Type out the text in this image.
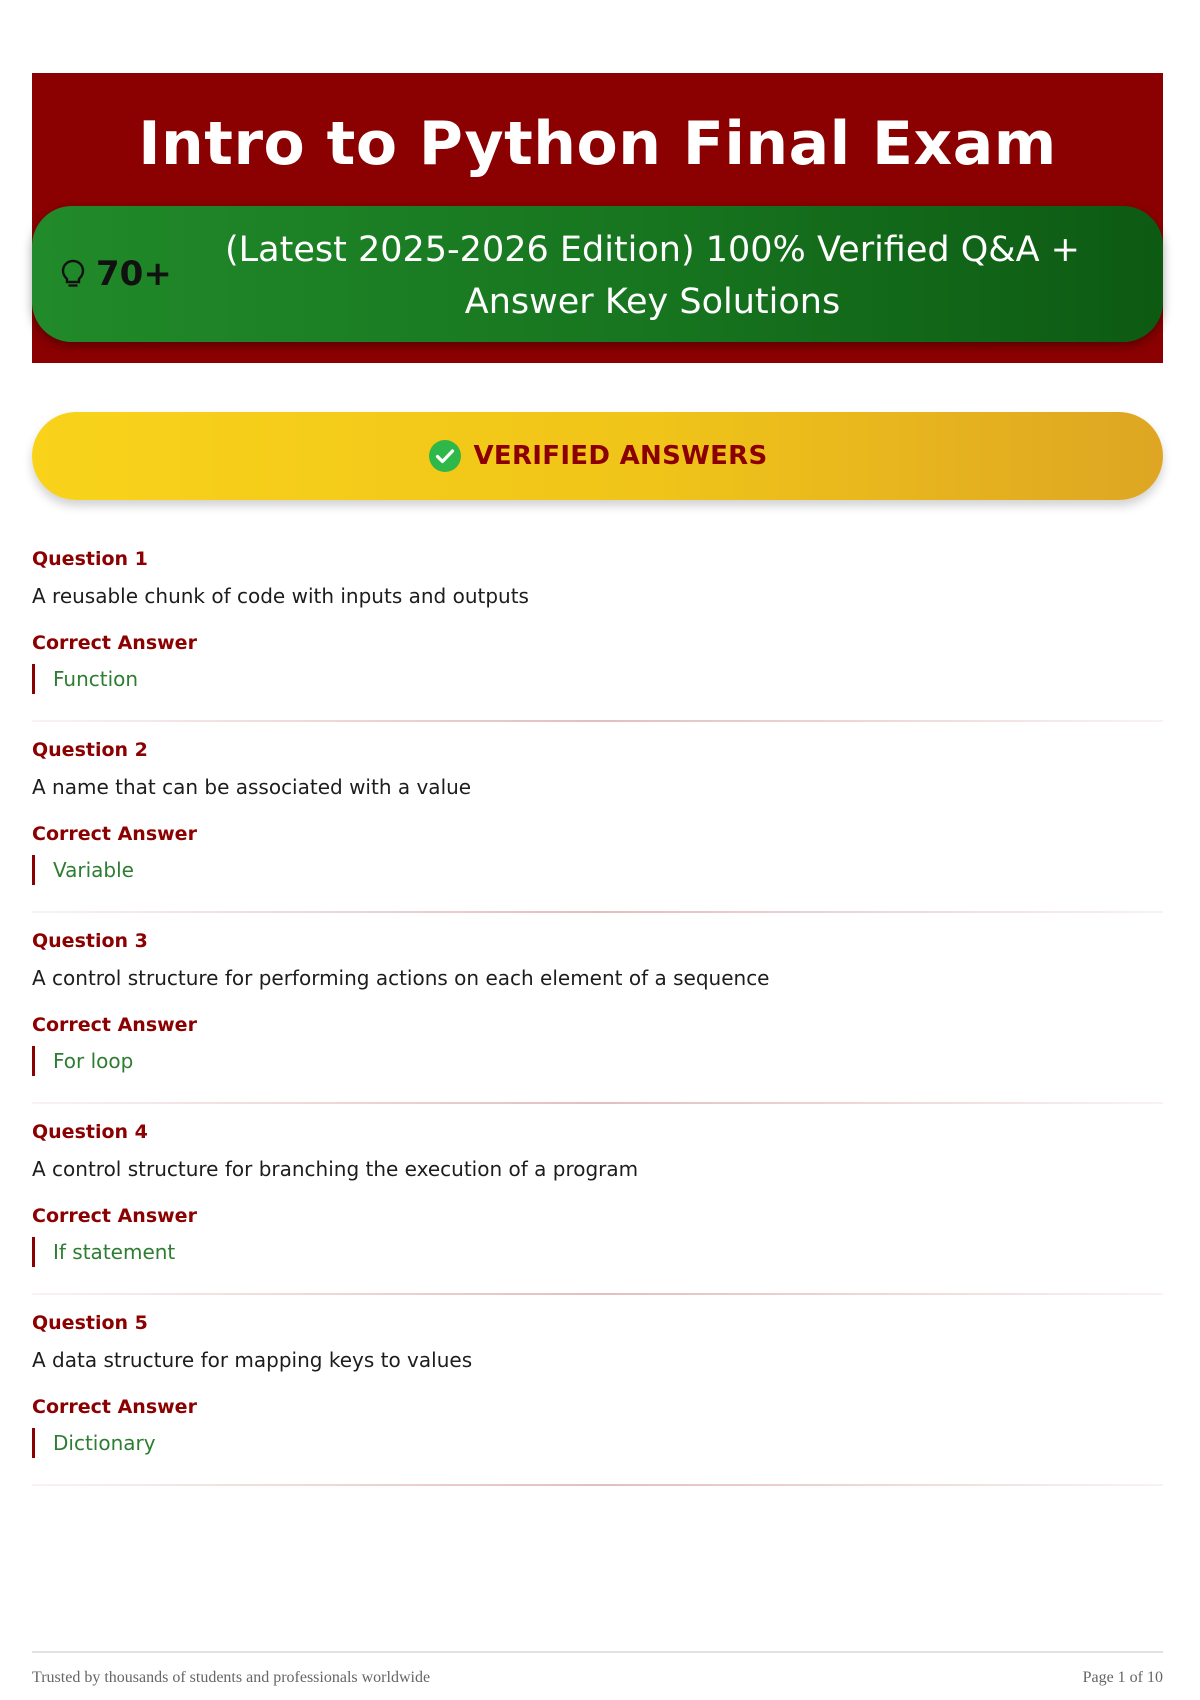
Intro to Python Final Exam
70+
(Latest 2025-2026 Edition) 100% Verified Q&A + Answer Key Solutions
VERIFIED ANSWERS
Question 1
A reusable chunk of code with inputs and outputs
Correct Answer
Function
Question 2
A name that can be associated with a value
Correct Answer
Variable
Question 3
A control structure for performing actions on each element of a sequence
Correct Answer
For loop
Question 4
A control structure for branching the execution of a program
Correct Answer
If statement
Question 5
A data structure for mapping keys to values
Correct Answer
Dictionary
Trusted by thousands of students and professionals worldwide	Page 1 of 10
